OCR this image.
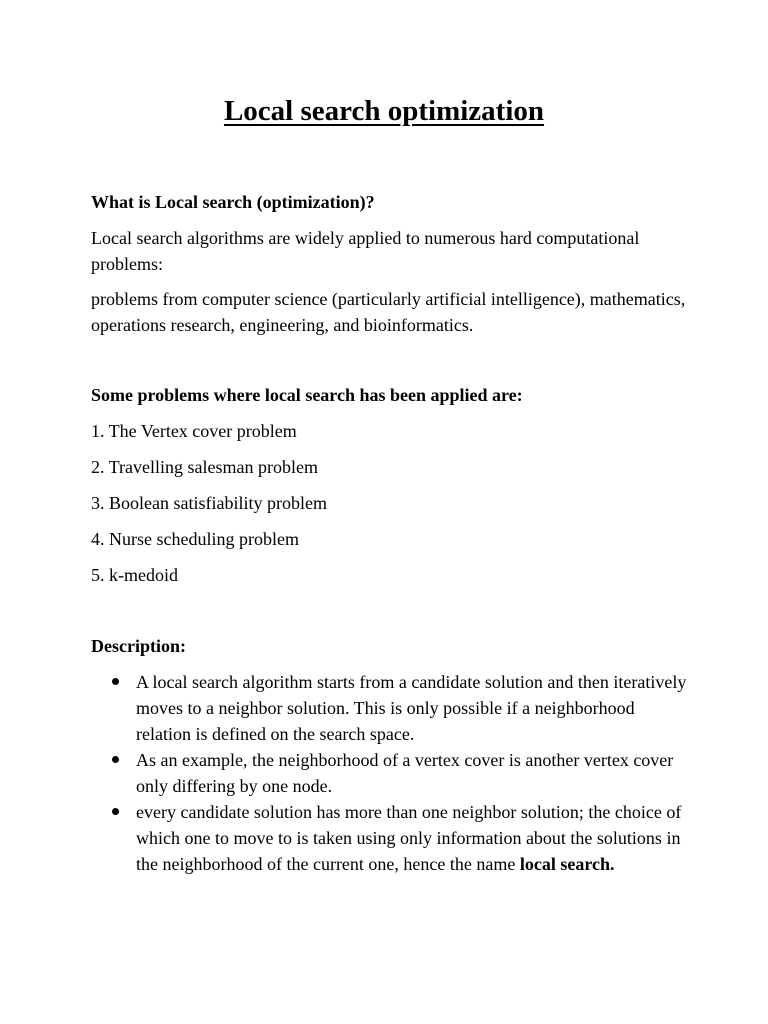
Local search optimization

What is Local search (optimization)?

Local search algorithms are widely applied to numerous hard computational problems:

problems from computer science (particularly artificial intelligence), mathematics, operations research, engineering, and bioinformatics.

Some problems where local search has been applied are:

1. The Vertex cover problem

2. Travelling salesman problem

3. Boolean satisfiability problem

4. Nurse scheduling problem

5. k-medoid

Description:

A local search algorithm starts from a candidate solution and then iteratively moves to a neighbor solution. This is only possible if a neighborhood relation is defined on the search space.
As an example, the neighborhood of a vertex cover is another vertex cover only differing by one node.
every candidate solution has more than one neighbor solution; the choice of which one to move to is taken using only information about the solutions in the neighborhood of the current one, hence the name local search.
